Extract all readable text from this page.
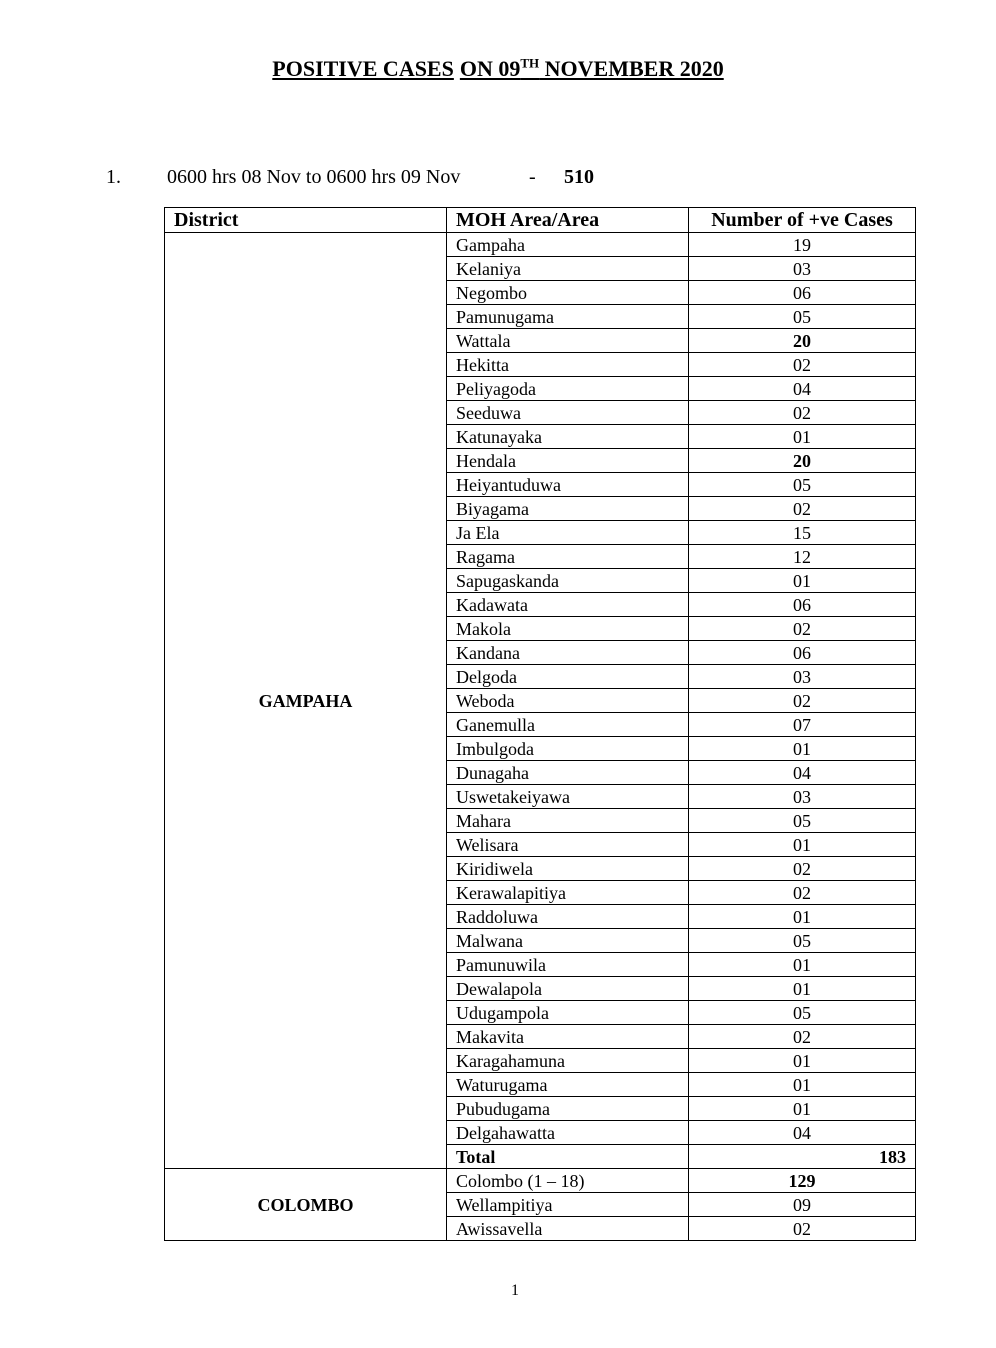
POSITIVE CASES ON 09TH NOVEMBER 2020
1. 0600 hrs 08 Nov to 0600 hrs 09 Nov	- 510
District	MOH Area/Area	Number of +ve Cases
GAMPAHA	Gampaha	19
	Kelaniya	03
	Negombo	06
	Pamunugama	05
	Wattala	20
	Hekitta	02
	Peliyagoda	04
	Seeduwa	02
	Katunayaka	01
	Hendala	20
	Heiyantuduwa	05
	Biyagama	02
	Ja Ela	15
	Ragama	12
	Sapugaskanda	01
	Kadawata	06
	Makola	02
	Kandana	06
	Delgoda	03
	Weboda	02
	Ganemulla	07
	Imbulgoda	01
	Dunagaha	04
	Uswetakeiyawa	03
	Mahara	05
	Welisara	01
	Kiridiwela	02
	Kerawalapitiya	02
	Raddoluwa	01
	Malwana	05
	Pamunuwila	01
	Dewalapola	01
	Udugampola	05
	Makavita	02
	Karagahamuna	01
	Waturugama	01
	Pubudugama	01
	Delgahawatta	04
	Total	183
COLOMBO	Colombo (1 – 18)	129
	Wellampitiya	09
	Awissavella	02
1
